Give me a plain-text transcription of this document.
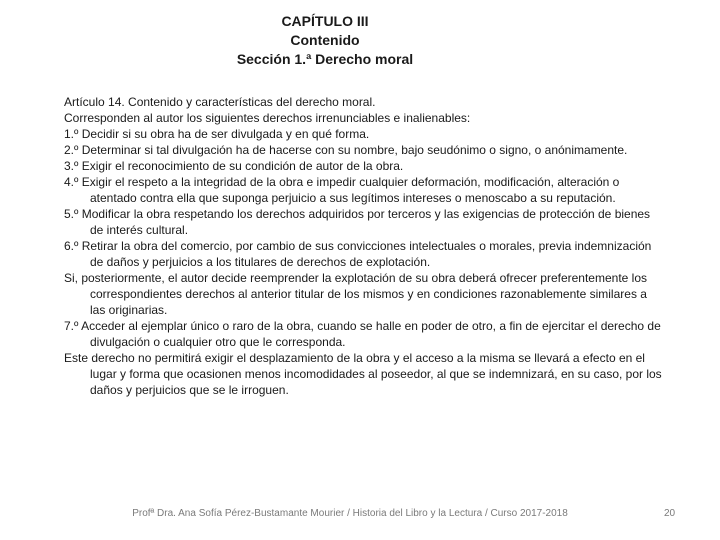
CAPÍTULO III
Contenido
Sección 1.ª Derecho moral

Artículo 14. Contenido y características del derecho moral.

Corresponden al autor los siguientes derechos irrenunciables e inalienables:

1.º Decidir si su obra ha de ser divulgada y en qué forma.

2.º Determinar si tal divulgación ha de hacerse con su nombre, bajo seudónimo o signo, o anónimamente.

3.º Exigir el reconocimiento de su condición de autor de la obra.

4.º Exigir el respeto a la integridad de la obra e impedir cualquier deformación, modificación, alteración o atentado contra ella que suponga perjuicio a sus legítimos intereses o menoscabo a su reputación.

5.º Modificar la obra respetando los derechos adquiridos por terceros y las exigencias de protección de bienes de interés cultural.

6.º Retirar la obra del comercio, por cambio de sus convicciones intelectuales o morales, previa indemnización de daños y perjuicios a los titulares de derechos de explotación.

Si, posteriormente, el autor decide reemprender la explotación de su obra deberá ofrecer preferentemente los correspondientes derechos al anterior titular de los mismos y en condiciones razonablemente similares a las originarias.

7.º Acceder al ejemplar único o raro de la obra, cuando se halle en poder de otro, a fin de ejercitar el derecho de divulgación o cualquier otro que le corresponda.

Este derecho no permitirá exigir el desplazamiento de la obra y el acceso a la misma se llevará a efecto en el lugar y forma que ocasionen menos incomodidades al poseedor, al que se indemnizará, en su caso, por los daños y perjuicios que se le irroguen.

Profª Dra. Ana Sofía Pérez-Bustamante Mourier / Historia del Libro y la Lectura / Curso 2017-2018	20
